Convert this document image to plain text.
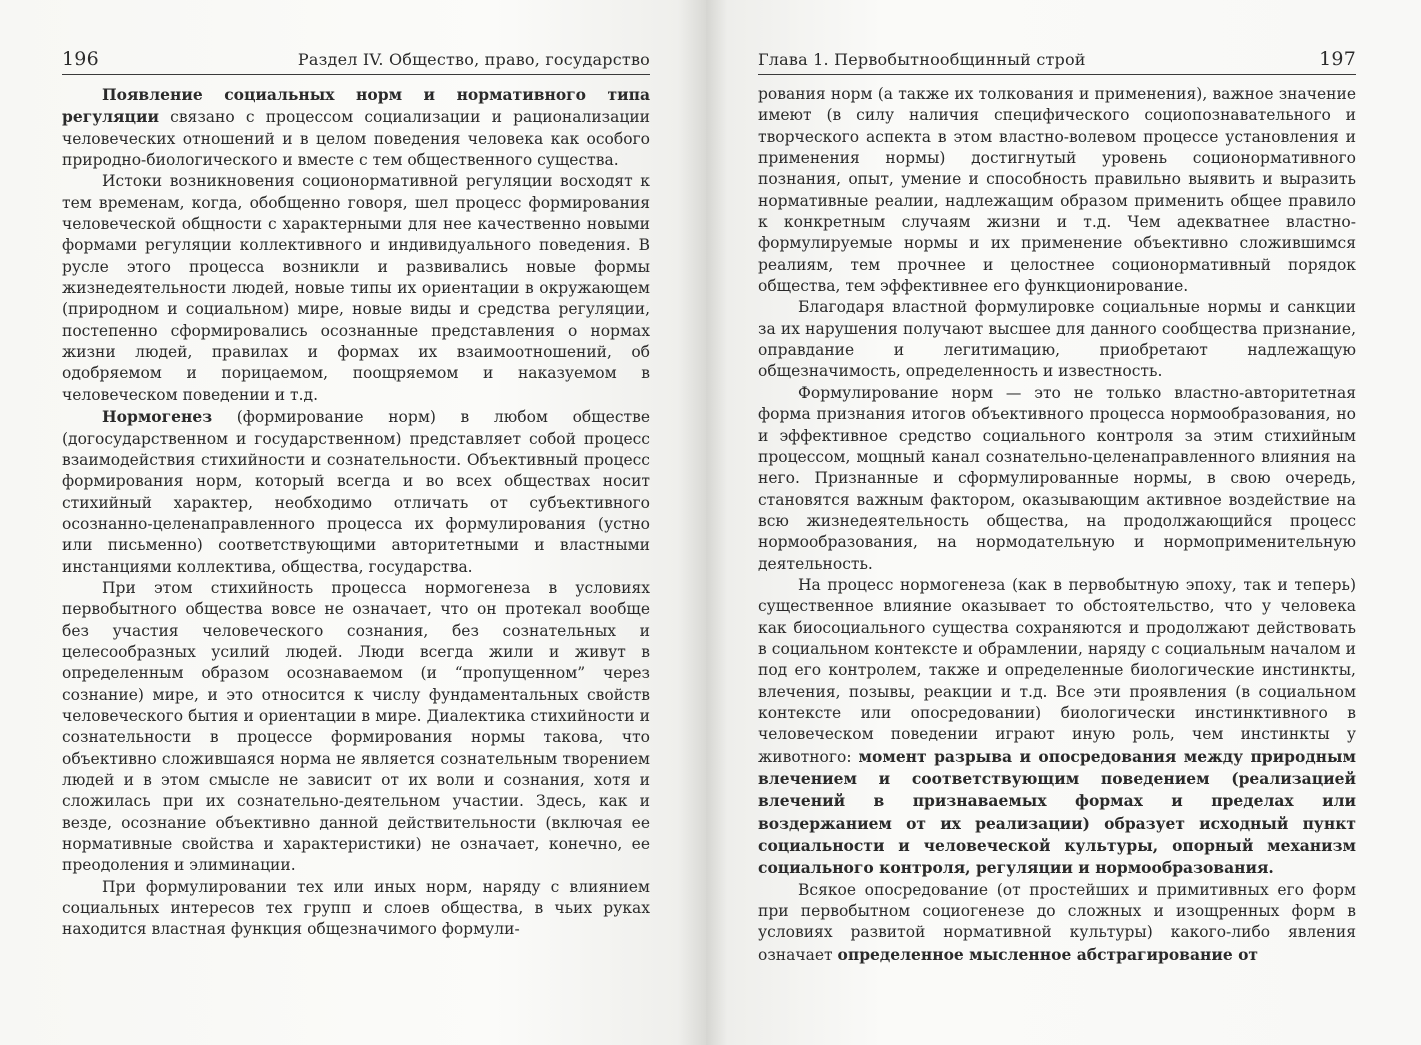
196	Раздел IV. Общество, право, государство

Появление социальных норм и нормативного типа регуляции связано с процессом социализации и рационализации человеческих отношений и в целом поведения человека как особого природно-биологического и вместе с тем общественного существа.

Истоки возникновения соционормативной регуляции восходят к тем временам, когда, обобщенно говоря, шел процесс формирования человеческой общности с характерными для нее качественно новыми формами регуляции коллективного и индивидуального поведения. В русле этого процесса возникли и развивались новые формы жизнедеятельности людей, новые типы их ориентации в окружающем (природном и социальном) мире, новые виды и средства регуляции, постепенно сформировались осознанные представления о нормах жизни людей, правилах и формах их взаимоотношений, об одобряемом и порицаемом, поощряемом и наказуемом в человеческом поведении и т.д.

Нормогенез (формирование норм) в любом обществе (догосударственном и государственном) представляет собой процесс взаимодействия стихийности и сознательности. Объективный процесс формирования норм, который всегда и во всех обществах носит стихийный характер, необходимо отличать от субъективного осознанно-целенаправленного процесса их формулирования (устно или письменно) соответствующими авторитетными и властными инстанциями коллектива, общества, государства.

При этом стихийность процесса нормогенеза в условиях первобытного общества вовсе не означает, что он протекал вообще без участия человеческого сознания, без сознательных и целесообразных усилий людей. Люди всегда жили и живут в определенным образом осознаваемом (и “пропущенном” через сознание) мире, и это относится к числу фундаментальных свойств человеческого бытия и ориентации в мире. Диалектика стихийности и сознательности в процессе формирования нормы такова, что объективно сложившаяся норма не является сознательным творением людей и в этом смысле не зависит от их воли и сознания, хотя и сложилась при их сознательно-деятельном участии. Здесь, как и везде, осознание объективно данной действительности (включая ее нормативные свойства и характеристики) не означает, конечно, ее преодоления и элиминации.

При формулировании тех или иных норм, наряду с влиянием социальных интересов тех групп и слоев общества, в чьих руках находится властная функция общезначимого формули-

Глава 1. Первобытнообщинный строй	197

рования норм (а также их толкования и применения), важное значение имеют (в силу наличия специфического социопознавательного и творческого аспекта в этом властно-волевом процессе установления и применения нормы) достигнутый уровень соционормативного познания, опыт, умение и способность правильно выявить и выразить нормативные реалии, надлежащим образом применить общее правило к конкретным случаям жизни и т.д. Чем адекватнее властно-формулируемые нормы и их применение объективно сложившимся реалиям, тем прочнее и целостнее соционормативный порядок общества, тем эффективнее его функционирование.

Благодаря властной формулировке социальные нормы и санкции за их нарушения получают высшее для данного сообщества признание, оправдание и легитимацию, приобретают надлежащую общезначимость, определенность и известность.

Формулирование норм — это не только властно-авторитетная форма признания итогов объективного процесса нормообразования, но и эффективное средство социального контроля за этим стихийным процессом, мощный канал сознательно-целенаправленного влияния на него. Признанные и сформулированные нормы, в свою очередь, становятся важным фактором, оказывающим активное воздействие на всю жизнедеятельность общества, на продолжающийся процесс нормообразования, на нормодательную и нормоприменительную деятельность.

На процесс нормогенеза (как в первобытную эпоху, так и теперь) существенное влияние оказывает то обстоятельство, что у человека как биосоциального существа сохраняются и продолжают действовать в социальном контексте и обрамлении, наряду с социальным началом и под его контролем, также и определенные биологические инстинкты, влечения, позывы, реакции и т.д. Все эти проявления (в социальном контексте или опосредовании) биологически инстинктивного в человеческом поведении играют иную роль, чем инстинкты у животного: момент разрыва и опосредования между природным влечением и соответствующим поведением (реализацией влечений в признаваемых формах и пределах или воздержанием от их реализации) образует исходный пункт социальности и человеческой культуры, опорный механизм социального контроля, регуляции и нормообразования.

Всякое опосредование (от простейших и примитивных его форм при первобытном социогенезе до сложных и изощренных форм в условиях развитой нормативной культуры) какого-либо явления означает определенное мысленное абстрагирование от
